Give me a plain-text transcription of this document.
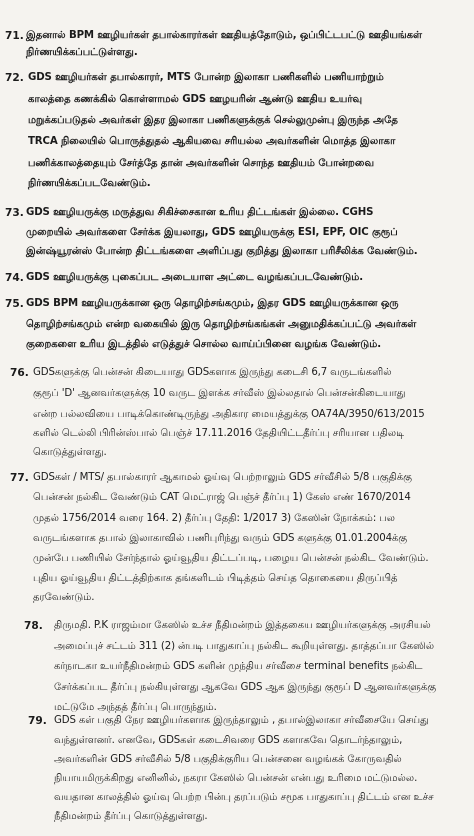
71. இதனால் BPM ஊழியர்கள் தபால்காரர்கள் ஊதியத்தோடும், ஒப்பிட்டபட்டு ஊதியங்கள்
நிர்ணயிக்கப்பட்டுள்ளது.
72. GDS ஊழியர்கள் தபால்காரர், MTS போன்ற இலாகா பணிகளில் பணியாற்றும்
காலத்தை கணக்கில் கொள்ளாமல் GDS ஊழயரின் ஆண்டு ஊதிய உயர்வு
மறுக்கப்படுதல் அவர்கள் இதர இலாகா பணிகளுக்குக் செல்லுமுன்பு இருந்த அதே
TRCA நிலையில் பொருத்துதல் ஆகியவை சரியல்ல அவர்களின் மொத்த இலாகா
பணிக்காலத்தையும் சேர்த்தே தான் அவர்களின் சொந்த ஊதியம் போன்றவை
நிர்ணயிக்கப்படவேண்டும்.
73. GDS ஊழியருக்கு மருத்துவ சிகிச்சைகான உரிய திட்டங்கள் இல்லை. CGHS
முறையில் அவர்களை சேர்க்க இயலாது, GDS ஊழியருக்கு ESI, EPF, OIC குரூப்
இன்ஷ்யூரன்ஸ் போன்ற திட்டங்களை அளிப்பது குறித்து இலாகா பரிசீலிக்க வேண்டும்.
74. GDS ஊழியருக்கு புகைப்பட அடையாள அட்டை வழங்கப்படவேண்டும்.
75. GDS BPM ஊழியருக்கான ஒரு தொழிற்சங்கமும், இதர GDS ஊழியருக்கான ஒரு
தொழிற்சங்கமும் என்ற வகையில் இரு தொழிற்சங்கங்கள் அனுமதிக்கப்பட்டு அவர்கள்
குறைகளை உரிய இடத்தில் எடுத்துச் சொல்ல வாய்ப்பினை வழங்க வேண்டும்.
76. GDSகளுக்கு பென்சன் கிடையாது GDSகளாக இருந்து கடைசி 6,7 வருடங்களில்
குரூப் 'D' ஆனவர்களுக்கு 10 வருட இளக்க சர்வீஸ் இல்லதால் பென்சன்கிடையாது
என்ற பல்லவியை பாடிக்கொண்டிருந்து அதிகார மையத்துக்கு OA74A/3950/613/2015
களில் டெல்லி பிரின்ஸ்பால் பெஞ்ச் 17.11.2016 தேதியிட்டதீர்ப்பு சரியான பதிலடி
கொடுத்துள்ளது.
77. GDSகள் / MTS/ தபால்காரர் ஆகாமல் ஓய்வு பெற்றாலும் GDS சர்வீசில் 5/8 பகுதிக்கு
பென்சன் நல்கிட வேண்டும் CAT மெட்ராஜ் பெஞ்ச் தீர்ப்பு 1) கேஸ் எண் 1670/2014
முதல் 1756/2014 வரை 164. 2) தீர்ப்பு தேதி: 1/2017 3) கேஸின் நோக்கம்: பல
வருடங்களாக தபால் இலாகாவில் பணிபுரிந்து வரும் GDS களுக்கு 01.01.2004க்கு
முன்பே பணியில் சேர்ந்தால் ஓய்வூதிய திட்டப்படி, பழைய பென்சன் நல்கிட வேண்டும்.
புதிய ஓய்வூதிய திட்டத்திற்காக தங்களிடம் பிடித்தம் செய்த தொகையை திருப்பித்
தரவேண்டும்.
78. திருமதி. P.K ராஜம்மா கேஸில் உச்ச நீதிமன்றம் இத்தகைய ஊழியர்களுக்கு அரசியல்
அமைப்புச் சட்டம் 311 (2) ன்படி பாதுகாப்பு நல்கிட கூறியுள்ளது. தாத்தப்பா கேஸில்
கர்நாடகா உயர்நீதிமன்றம் GDS களின் முந்திய சர்வீசை terminal benefits நல்கிட
சேர்க்கப்பட தீர்ப்பு நல்கியுள்ளது ஆகவே GDS ஆக இருந்து குரூப் D ஆனவர்களுக்கு
மட்டுமே அந்தத் தீர்ப்பு பொருந்தும்.
79. GDS கள் பகுதி நேர ஊழியர்களாக இருந்தாலும் , தபால்இலாகா சர்வீசையே செய்து
வந்துள்ளனர். எனவே, GDSகள் கடைசிவரை GDS களாகவே தொடர்ந்தாலும்,
அவர்களின் GDS சர்வீசில் 5/8 பகுதிக்குரிய பென்சனை வழங்கக் கோருவதில்
நியாயமிருக்கிறது எனினில், நகரா கேஸில் பென்சன் என்பது உரிமை மட்டுமல்ல.
வயதான காலத்தில் ஓய்வு பெற்ற பின்பு தரப்படும் சமூக பாதுகாப்பு திட்டம் என உச்ச
நீதிமன்றம் தீர்ப்பு கொடுத்துள்ளது.
